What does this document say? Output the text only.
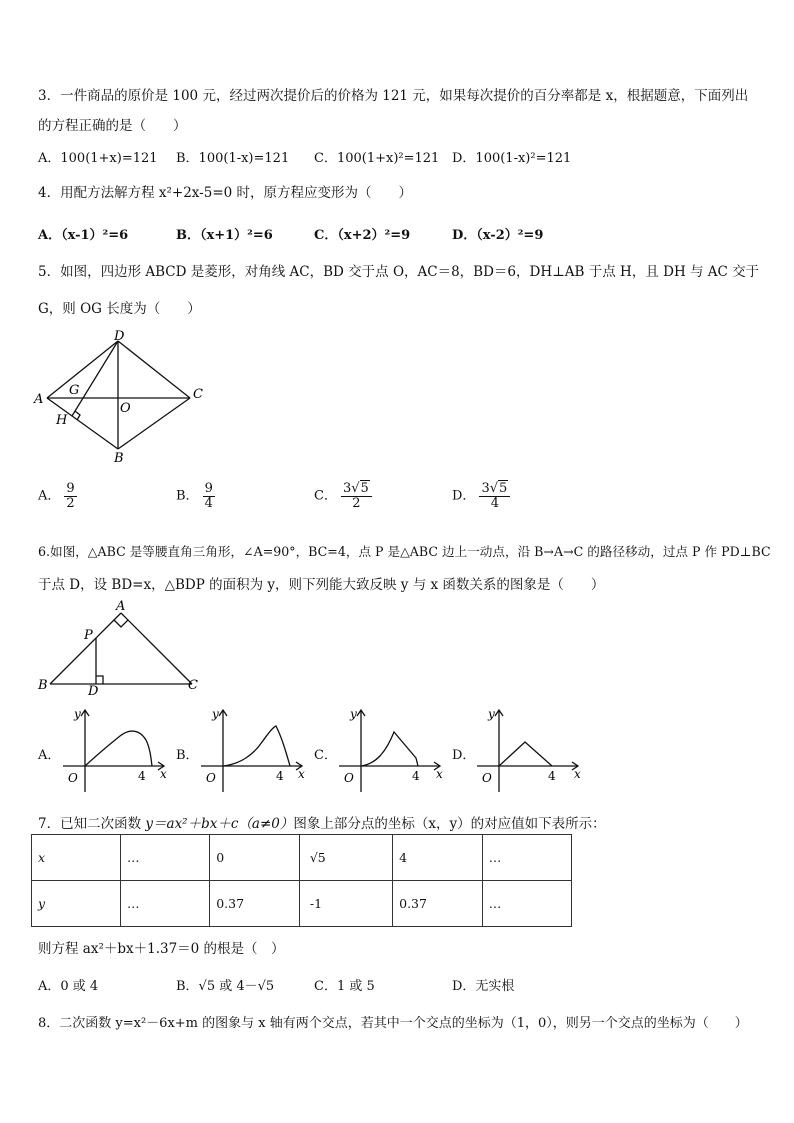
3．一件商品的原价是 100 元，经过两次提价后的价格为 121 元，如果每次提价的百分率都是 x，根据题意，下面列出
的方程正确的是（　　）
A．100(1+x)=121 B．100(1-x)=121 C．100(1+x)²=121 D．100(1-x)²=121
4．用配方法解方程 x²+2x-5=0 时，原方程应变形为（　　）
A．（x-1）²=6	B．（x+1）²=6	C．（x+2）²=9	D．（x-2）²=9
5．如图，四边形 ABCD 是菱形，对角线 AC，BD 交于点 O，AC＝8，BD＝6，DH⊥AB 于点 H，且 DH 与 AC 交于
G，则 OG 长度为（　　）
D
A	C
B
G
H
O
A． $\frac{9}{2}$	B． $\frac{9}{4}$	C． $\frac{3√5}{2}$	D． $\frac{3√5}{4}$
6.如图，△ABC 是等腰直角三角形，∠A=90°，BC=4，点 P 是△ABC 边上一动点，沿 B→A→C 的路径移动，过点 P 作 PD⊥BC
于点 D，设 BD=x，△BDP 的面积为 y，则下列能大致反映 y 与 x 函数关系的图象是（　　）
A
B	C
D
P
A．
y
O	4 x
B．
y
O	4 x
C．
y
O	4 x
D．
y
O	4 x
7．已知二次函数 y＝ax²＋bx＋c（a≠0）图象上部分点的坐标（x，y）的对应值如下表所示：
x	…	0	√5	4	…
y	…	0.37	-1	0.37	…
则方程 ax²＋bx＋1.37＝0 的根是（　）
A．0 或 4	B．√5 或 4－√5	C．1 或 5	D．无实根
8．二次函数 y=x²－6x+m 的图象与 x 轴有两个交点，若其中一个交点的坐标为（1，0），则另一个交点的坐标为（　　）
